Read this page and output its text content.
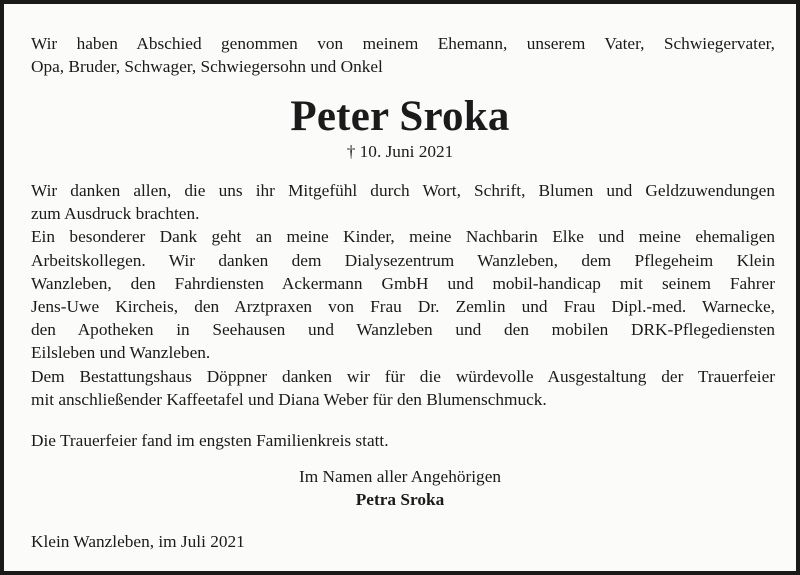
Wir haben Abschied genommen von meinem Ehemann, unserem Vater, Schwiegervater,
Opa, Bruder, Schwager, Schwiegersohn und Onkel
Peter Sroka
† 10. Juni 2021
Wir danken allen, die uns ihr Mitgefühl durch Wort, Schrift, Blumen und Geldzuwendungen
zum Ausdruck brachten.
Ein besonderer Dank geht an meine Kinder, meine Nachbarin Elke und meine ehemaligen
Arbeitskollegen. Wir danken dem Dialysezentrum Wanzleben, dem Pflegeheim Klein
Wanzleben, den Fahrdiensten Ackermann GmbH und mobil-handicap mit seinem Fahrer
Jens-Uwe Kircheis, den Arztpraxen von Frau Dr. Zemlin und Frau Dipl.-med. Warnecke,
den Apotheken in Seehausen und Wanzleben und den mobilen DRK-Pflegediensten
Eilsleben und Wanzleben.
Dem Bestattungshaus Döppner danken wir für die würdevolle Ausgestaltung der Trauerfeier
mit anschließender Kaffeetafel und Diana Weber für den Blumenschmuck.
Die Trauerfeier fand im engsten Familienkreis statt.
Im Namen aller Angehörigen
Petra Sroka
Klein Wanzleben, im Juli 2021
